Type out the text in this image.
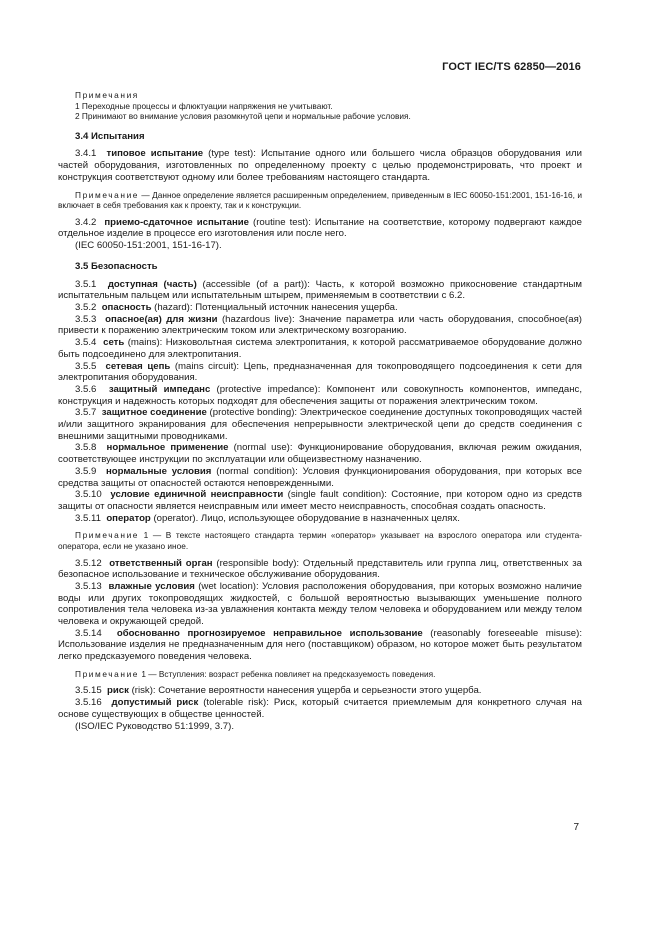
ГОСТ IEC/TS 62850—2016

Примечания

1 Переходные процессы и флюктуации напряжения не учитывают.

2 Принимают во внимание условия разомкнутой цепи и нормальные рабочие условия.

3.4 Испытания

3.4.1 типовое испытание (type test): Испытание одного или большего числа образцов оборудования или частей оборудования, изготовленных по определенному проекту с целью продемонстрировать, что проект и конструкция соответствуют одному или более требованиям настоящего стандарта.

Примечание — Данное определение является расширенным определением, приведенным в IEC 60050-151:2001, 151-16-16, и включает в себя требования как к проекту, так и к конструкции.

3.4.2 приемо-сдаточное испытание (routine test): Испытание на соответствие, которому подвергают каждое отдельное изделие в процессе его изготовления или после него.

(IEC 60050-151:2001, 151-16-17).

3.5 Безопасность

3.5.1 доступная (часть) (accessible (of a part)): Часть, к которой возможно прикосновение стандартным испытательным пальцем или испытательным штырем, применяемым в соответствии с 6.2.

3.5.2 опасность (hazard): Потенциальный источник нанесения ущерба.

3.5.3 опасное(ая) для жизни (hazardous live): Значение параметра или часть оборудования, способное(ая) привести к поражению электрическим током или электрическому возгоранию.

3.5.4 сеть (mains): Низковольтная система электропитания, к которой рассматриваемое оборудование должно быть подсоединено для электропитания.

3.5.5 сетевая цепь (mains circuit): Цепь, предназначенная для токопроводящего подсоединения к сети для электропитания оборудования.

3.5.6 защитный импеданс (protective impedance): Компонент или совокупность компонентов, импеданс, конструкция и надежность которых подходят для обеспечения защиты от поражения электрическим током.

3.5.7 защитное соединение (protective bonding): Электрическое соединение доступных токопроводящих частей и/или защитного экранирования для обеспечения непрерывности электрической цепи до средств соединения с внешними защитными проводниками.

3.5.8 нормальное применение (normal use): Функционирование оборудования, включая режим ожидания, соответствующее инструкции по эксплуатации или общеизвестному назначению.

3.5.9 нормальные условия (normal condition): Условия функционирования оборудования, при которых все средства защиты от опасностей остаются неповрежденными.

3.5.10 условие единичной неисправности (single fault condition): Состояние, при котором одно из средств защиты от опасности является неисправным или имеет место неисправность, способная создать опасность.

3.5.11 оператор (operator). Лицо, использующее оборудование в назначенных целях.

Примечание 1 — В тексте настоящего стандарта термин «оператор» указывает на взрослого оператора или студента-оператора, если не указано иное.

3.5.12 ответственный орган (responsible body): Отдельный представитель или группа лиц, ответственных за безопасное использование и техническое обслуживание оборудования.

3.5.13 влажные условия (wet location): Условия расположения оборудования, при которых возможно наличие воды или других токопроводящих жидкостей, с большой вероятностью вызывающих уменьшение полного сопротивления тела человека из-за увлажнения контакта между телом человека и оборудованием или между телом человека и окружающей средой.

3.5.14 обоснованно прогнозируемое неправильное использование (reasonably foreseeable misuse): Использование изделия не предназначенным для него (поставщиком) образом, но которое может быть результатом легко предсказуемого поведения человека.

Примечание 1 — Вступления: возраст ребенка повлияет на предсказуемость поведения.

3.5.15 риск (risk): Сочетание вероятности нанесения ущерба и серьезности этого ущерба.

3.5.16 допустимый риск (tolerable risk): Риск, который считается приемлемым для конкретного случая на основе существующих в обществе ценностей.

(ISO/IEC Руководство 51:1999, 3.7).

7
